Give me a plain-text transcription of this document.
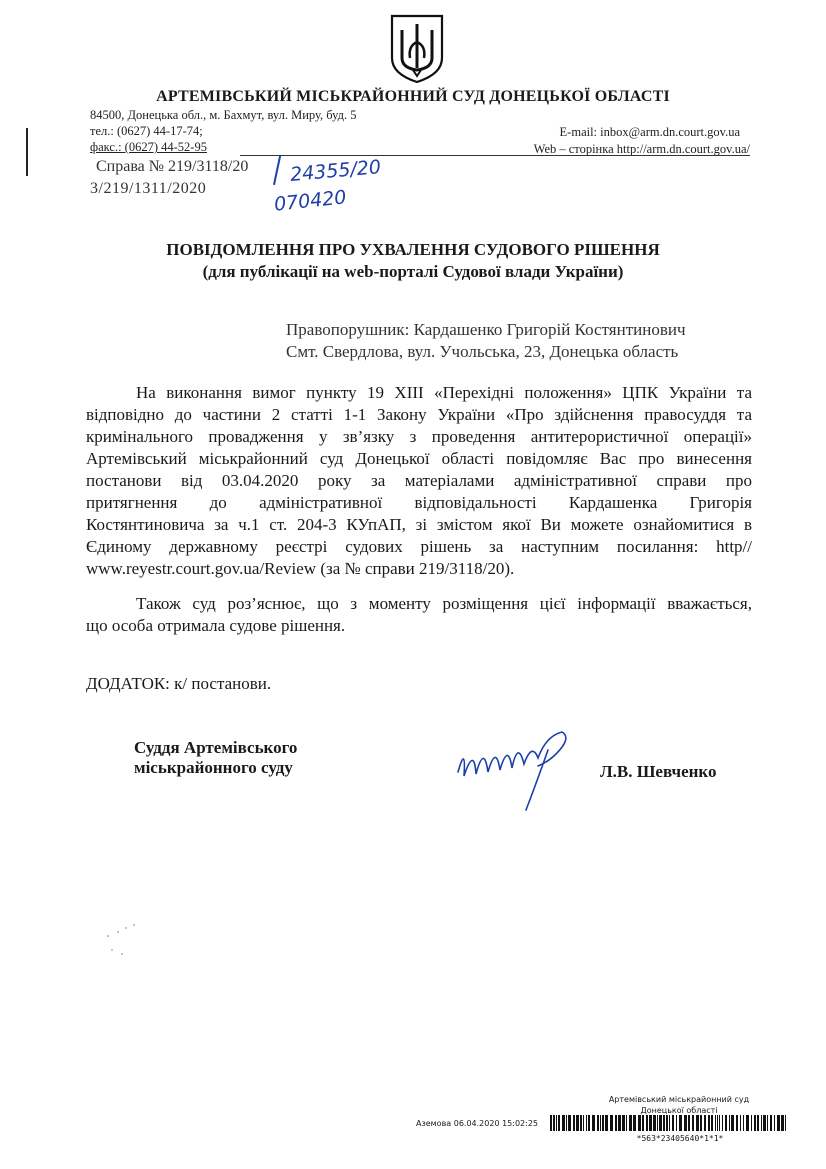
АРТЕМІВСЬКИЙ МІСЬКРАЙОННИЙ СУД ДОНЕЦЬКОЇ ОБЛАСТІ
84500, Донецька обл., м. Бахмут, вул. Миру, буд. 5
тел.: (0627) 44-17-74;
факс.: (0627) 44-52-95
E-mail: inbox@arm.dn.court.gov.ua
Web – сторінка http://arm.dn.court.gov.ua/
Справа № 219/3118/20
3/219/1311/2020
24355/20
070420
ПОВІДОМЛЕННЯ ПРО УХВАЛЕННЯ СУДОВОГО РІШЕННЯ
(для публікації на web-порталі Судової влади України)
Правопорушник: Кардашенко Григорій Костянтинович
Смт. Свердлова, вул. Учольська, 23, Донецька область
На виконання вимог пункту 19 ХІІІ «Перехідні положення» ЦПК України та
відповідно до частини 2 статті 1-1 Закону України «Про здійснення правосуддя та
кримінального провадження у зв’язку з проведення антитерористичної операції»
Артемівський міськрайонний суд Донецької області повідомляє Вас про винесення
постанови від 03.04.2020 року за матеріалами адміністративної справи про
притягнення до адміністративної відповідальності Кардашенка Григорія
Костянтиновича за ч.1 ст. 204-3 КУпАП, зі змістом якої Ви можете ознайомитися в
Єдиному державному реєстрі судових рішень за наступним посилання: http//
www.reyestr.court.gov.ua/Review (за № справи 219/3118/20).
Також суд роз’яснює, що з моменту розміщення цієї інформації вважається,
що особа отримала судове рішення.
ДОДАТОК: к/ постанови.
Суддя Артемівського
міськрайонного суду	Л.В. Шевченко
Артемівський міськрайонний суд
Донецької області
Аземова 06.04.2020 15:02:25
*563*23405640*1*1*
